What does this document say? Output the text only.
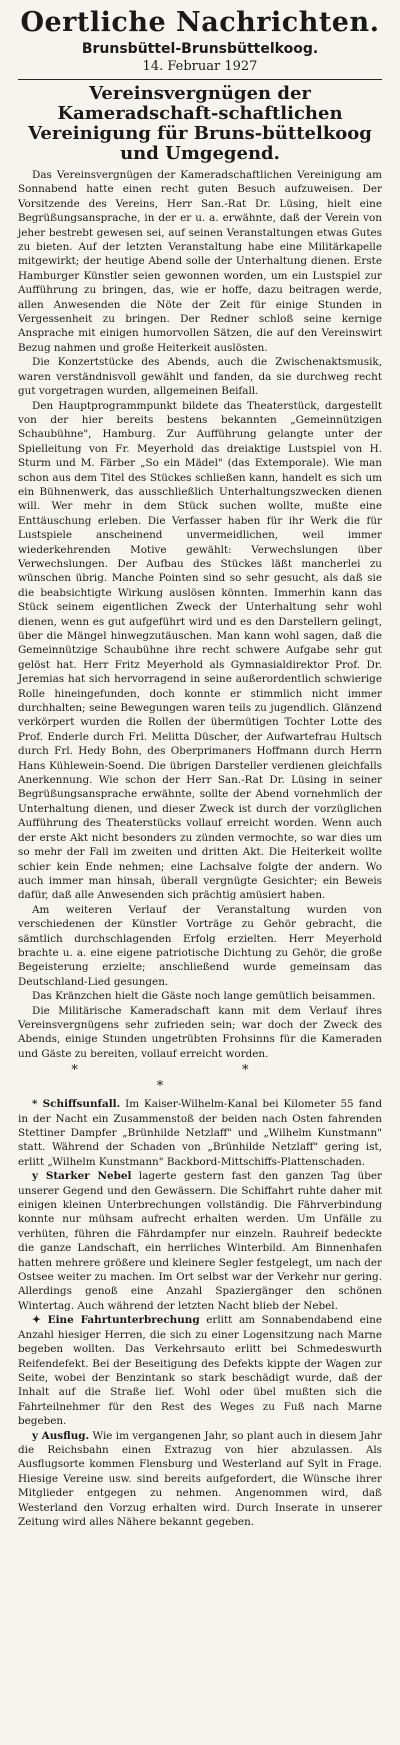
Oertliche Nachrichten.
Brunsbüttel-Brunsbüttelkoog.
14. Februar 1927
Vereinsvergnügen der Kameradschaft-schaftlichen Vereinigung für Bruns-büttelkoog und Umgegend.

Das Vereinsvergnügen der Kameradschaftlichen Vereinigung am Sonnabend hatte einen recht guten Besuch aufzuweisen. Der Vorsitzende des Vereins, Herr San.-Rat Dr. Lüsing, hielt eine Begrüßungsansprache, in der er u. a. erwähnte, daß der Verein von jeher bestrebt gewesen sei, auf seinen Veranstaltungen etwas Gutes zu bieten. Auf der letzten Veranstaltung habe eine Militärkapelle mitgewirkt; der heutige Abend solle der Unterhaltung dienen. Erste Hamburger Künstler seien gewonnen worden, um ein Lustspiel zur Aufführung zu bringen, das, wie er hoffe, dazu beitragen werde, allen Anwesenden die Nöte der Zeit für einige Stunden in Vergessenheit zu bringen. Der Redner schloß seine kernige Ansprache mit einigen humorvollen Sätzen, die auf den Vereinswirt Bezug nahmen und große Heiterkeit auslösten.

Die Konzertstücke des Abends, auch die Zwischenaktsmusik, waren verständnisvoll gewählt und fanden, da sie durchweg recht gut vorgetragen wurden, allgemeinen Beifall.

Den Hauptprogrammpunkt bildete das Theaterstück, dargestellt von der hier bereits bestens bekannten „Gemeinnützigen Schaubühne", Hamburg. Zur Aufführung gelangte unter der Spielleitung von Fr. Meyerhold das dreiaktige Lustspiel von H. Sturm und M. Färber „So ein Mädel" (das Extemporale). Wie man schon aus dem Titel des Stückes schließen kann, handelt es sich um ein Bühnenwerk, das ausschließlich Unterhaltungszwecken dienen will. Wer mehr in dem Stück suchen wollte, mußte eine Enttäuschung erleben. Die Verfasser haben für ihr Werk die für Lustspiele anscheinend unvermeidlichen, weil immer wiederkehrenden Motive gewählt: Verwechslungen über Verwechslungen. Der Aufbau des Stückes läßt mancherlei zu wünschen übrig. Manche Pointen sind so sehr gesucht, als daß sie die beabsichtigte Wirkung auslösen könnten. Immerhin kann das Stück seinem eigentlichen Zweck der Unterhaltung sehr wohl dienen, wenn es gut aufgeführt wird und es den Darstellern gelingt, über die Mängel hinwegzutäuschen. Man kann wohl sagen, daß die Gemeinnützige Schaubühne ihre recht schwere Aufgabe sehr gut gelöst hat. Herr Fritz Meyerhold als Gymnasialdirektor Prof. Dr. Jeremias hat sich hervorragend in seine außerordentlich schwierige Rolle hineingefunden, doch konnte er stimmlich nicht immer durchhalten; seine Bewegungen waren teils zu jugendlich. Glänzend verkörpert wurden die Rollen der übermütigen Tochter Lotte des Prof. Enderle durch Frl. Melitta Düscher, der Aufwartefrau Hultsch durch Frl. Hedy Bohn, des Oberprimaners Hoffmann durch Herrn Hans Kühlewein-Soend. Die übrigen Darsteller verdienen gleichfalls Anerkennung. Wie schon der Herr San.-Rat Dr. Lüsing in seiner Begrüßungsansprache erwähnte, sollte der Abend vornehmlich der Unterhaltung dienen, und dieser Zweck ist durch der vorzüglichen Aufführung des Theaterstücks vollauf erreicht worden. Wenn auch der erste Akt nicht besonders zu zünden vermochte, so war dies um so mehr der Fall im zweiten und dritten Akt. Die Heiterkeit wollte schier kein Ende nehmen; eine Lachsalve folgte der andern. Wo auch immer man hinsah, überall vergnügte Gesichter; ein Beweis dafür, daß alle Anwesenden sich prächtig amüsiert haben.

Am weiteren Verlauf der Veranstaltung wurden von verschiedenen der Künstler Vorträge zu Gehör gebracht, die sämtlich durchschlagenden Erfolg erzielten. Herr Meyerhold brachte u. a. eine eigene patriotische Dichtung zu Gehör, die große Begeisterung erzielte; anschließend wurde gemeinsam das Deutschland-Lied gesungen.

Das Kränzchen hielt die Gäste noch lange gemütlich beisammen.

Die Militärische Kameradschaft kann mit dem Verlauf ihres Vereinsvergnügens sehr zufrieden sein; war doch der Zweck des Abends, einige Stunden ungetrübten Frohsinns für die Kameraden und Gäste zu bereiten, vollauf erreicht worden.

* * *

* Schiffsunfall. Im Kaiser-Wilhelm-Kanal bei Kilometer 55 fand in der Nacht ein Zusammenstoß der beiden nach Osten fahrenden Stettiner Dampfer „Brünhilde Netzlaff" und „Wilhelm Kunstmann" statt. Während der Schaden von „Brünhilde Netzlaff" gering ist, erlitt „Wilhelm Kunstmann" Backbord-Mittschiffs-Plattenschaden.

y Starker Nebel lagerte gestern fast den ganzen Tag über unserer Gegend und den Gewässern. Die Schiffahrt ruhte daher mit einigen kleinen Unterbrechungen vollständig. Die Fährverbindung konnte nur mühsam aufrecht erhalten werden. Um Unfälle zu verhüten, führen die Fährdampfer nur einzeln. Rauhreif bedeckte die ganze Landschaft, ein herrliches Winterbild. Am Binnenhafen hatten mehrere größere und kleinere Segler festgelegt, um nach der Ostsee weiter zu machen. Im Ort selbst war der Verkehr nur gering. Allerdings genoß eine Anzahl Spaziergänger den schönen Wintertag. Auch während der letzten Nacht blieb der Nebel.

✦ Eine Fahrtunterbrechung erlitt am Sonnabendabend eine Anzahl hiesiger Herren, die sich zu einer Logensitzung nach Marne begeben wollten. Das Verkehrsauto erlitt bei Schmedeswurth Reifendefekt. Bei der Beseitigung des Defekts kippte der Wagen zur Seite, wobei der Benzintank so stark beschädigt wurde, daß der Inhalt auf die Straße lief. Wohl oder übel mußten sich die Fahrteilnehmer für den Rest des Weges zu Fuß nach Marne begeben.

y Ausflug. Wie im vergangenen Jahr, so plant auch in diesem Jahr die Reichsbahn einen Extrazug von hier abzulassen. Als Ausflugsorte kommen Flensburg und Westerland auf Sylt in Frage. Hiesige Vereine usw. sind bereits aufgefordert, die Wünsche ihrer Mitglieder entgegen zu nehmen. Angenommen wird, daß Westerland den Vorzug erhalten wird. Durch Inserate in unserer Zeitung wird alles Nähere bekannt gegeben.
